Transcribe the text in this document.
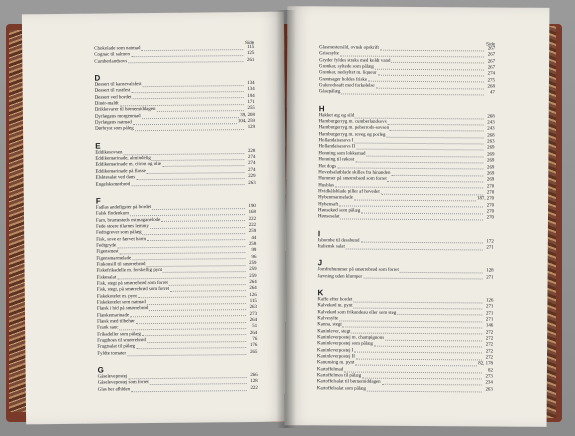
Side
Chokolade som natmad	115
Cognac til salmon	125
Cumberlandsovs	261
D
Dessert til karnevalsfest	134
Dessert til rustfest	134
Dessert ved bordet	194
Dinér-maldt	171
Drikkevarer til børnemiddagen	255
Dyrlægens morgenmad	39, 208
Dyrlægens natmad	104, 259
Dørbryst som påleg	129
E
Eddikesovsen	228
Eddikemarinade, almindelig	274
Eddikemarinade m. citron og olie	274
Eddikemarinade på flasse	274
Elsktesalat ved dans	229
Engelsksmørbrød	263
F
Fadlas andefigster på bordet	190
Falsk flodenkum	168
Farn, brumesteds ostmaganelode	222
Fede stoere tilarnes lemmy	222
Fedtsgrever som pålæg	259
Fisk, sove er færvet harm	44
Fedtgryde	258
Figensmest	99
Figensmarmelade	96
Finkonsill til smørrebrød	259
Fiskefrikadelle m. forskellig pynt	259
Fiskesalat	259
Fisk, stegt på smørrebrød som forret	264
Fisk, stegt, på smørrebrød som forret	264
Fiskekotelet m. pynt	126
Fiskekotelet som natmad	115
Flæsk i bid på smørrebrød	263
Flæskemarinade	273
Flæsk med tilbehør	264
Frank sauc	51
Frikadeller som pålæg	264
Frugthoes til smørrebrød	76
Frugtsalat til pålæg	176
Fyldte tomater	265
G
Gåselevepostej	266
Gåselevepostej som forret	128
Glas her afhlden	222
Side
Glasmestersild, ovnsk opskrift	267
Grisesylte	267
Gryder fyldes straks med koldt vand	267
Grønkar, syltede som pålæg	267
Grønkar, nedsyltet m. liqueur	274
Grøntsager holdes friske	275
Gulerodssaft mod forkølelse	268
Gåsepålæg	47
H
Hakket æg og sild	268
Hamburgerryg m. cumberlandsovs	243
Hamburgerryg m. peberrods-sovsen	243
Hamburgerryg m. reveg og porleg	268
Hollandaisesovs I	263
Hollandaisesovs II	269
Honning som lokkemad	269
Honning til røkost	269
Hot dogs	269
Hovedsalatblade skilles fra hinanden	269
Hummer på smørrebrød som forret	269
Husblas	270
Hvidkålsblade piller af hovedet	270
Hybenmarmelade	187, 270
Hybensaft	270
Hønsekød som pålæg	270
Hønsesalat	270
I
Isbombe til dessbund	172
Italiensk salat	271
J
Jomfruhummer på smørrebrød som forret	128
Jævning uden klumper	271
K
Kaffe efter bordet	126
Kalvekød m. pynt	271
Kalvekød som frikandeau eller som steg	271
Kalvesylte	271
Kanna, stegt	146
Kaninlever, stegt	272
Kaninleverpostej m. champignons	272
Kaninleverpostej som pålæg	272
Kaninleverpostej I	272
Kaninleverpostej II	272
Kanunsing m. pynt	82, 178
Kartoffelmad	82
Kartoffelmos til pålæg	273
Kartoffelsalat til børnemiddagen	234
Kartoffelsalat som pålæg	263
